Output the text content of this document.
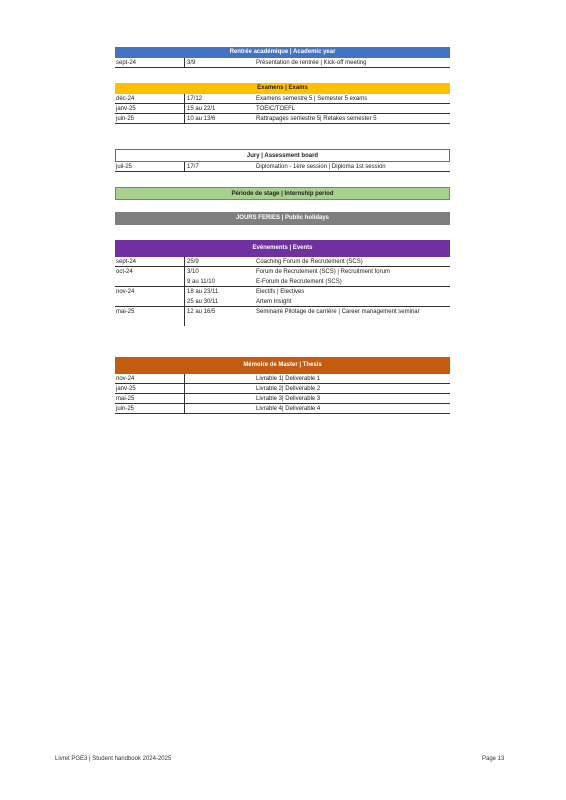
Rentrée académique | Academic year
sept-24	3/9	Présentation de rentrée | Kick-off meeting
Examens | Exams
déc-24	17/12	Examens semestre 5 | Semester 5 exams
janv-25	15 au 22/1	TOEIC/TOEFL
juin-25	10 au 13/6	Rattrapages semestre 5| Retakes semester 5
Jury | Assessment board
juil-25	17/7	Diplomation - 1ère session | Diploma 1st session
Période de stage | Internship period
JOURS FERIES | Public holidays
Evénements | Events
sept-24	25/9	Coaching Forum de Recrutement (SCS)
oct-24	3/10	Forum de Recrutement (SCS) | Recruitment forum
9 au 11/10	E-Forum de Recrutement (SCS)
nov-24	18 au 23/11	Electifs | Electives
25 au 30/11	Artem Insight
mai-25	12 au 16/5	Séminaire Pilotage de carrière | Career management seminar
Mémoire de Master | Thesis
nov-24	Livrable 1| Deliverable 1
janv-25	Livrable 2| Deliverable 2
mai-25	Livrable 3| Deliverable 3
juin-25	Livrable 4| Deliverable 4
Livret PGE3 | Student handbook 2024-2025	Page 13
